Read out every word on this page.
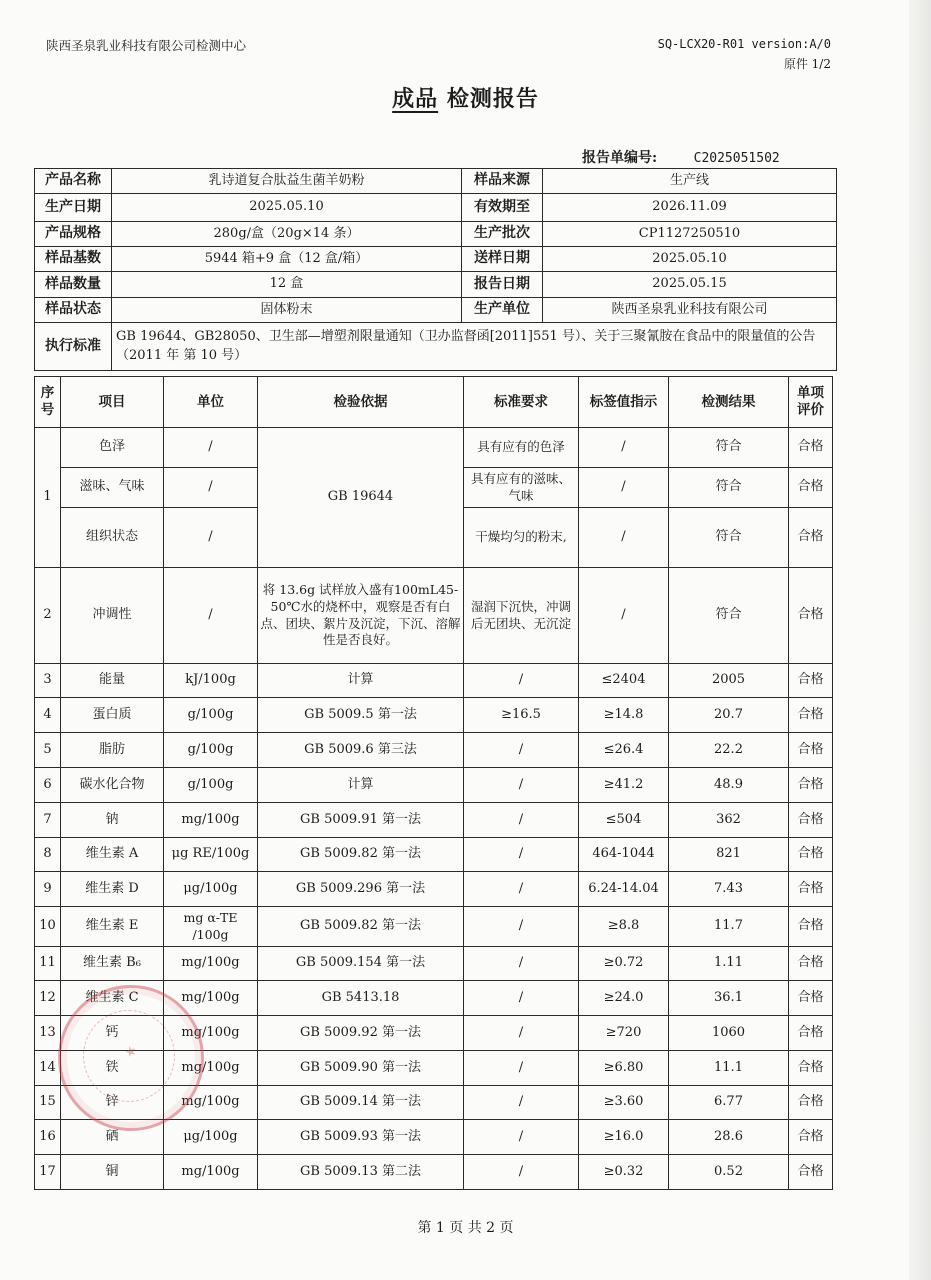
陕西圣泉乳业科技有限公司检测中心	SQ-LCX20-R01 version:A/0
原件 1/2
成品 检测报告
报告单编号:	C2025051502
产品名称	乳诗道复合肽益生菌羊奶粉	样品来源	生产线
生产日期	2025.05.10	有效期至	2026.11.09
产品规格	280g/盒（20g×14 条）	生产批次	CP1127250510
样品基数	5944 箱+9 盒（12 盒/箱）	送样日期	2025.05.10
样品数量	12 盒	报告日期	2025.05.15
样品状态	固体粉末	生产单位	陕西圣泉乳业科技有限公司
执行标准	GB 19644、GB28050、卫生部—增塑剂限量通知（卫办监督函[2011]551 号）、关于三聚氰胺在食品中的限量值的公告（2011 年 第 10 号）		
序号	项目	单位	检验依据	标准要求	标签值指示	检测结果	单项评价
1	色泽	/	GB 19644	具有应有的色泽	/	符合	合格
	滋味、气味	/		具有应有的滋味、气味	/	符合	合格
	组织状态	/		干燥均匀的粉末,	/	符合	合格
2	冲调性	/	将 13.6g 试样放入盛有100mL45-50℃水的烧杯中，观察是否有白点、团块、絮片及沉淀，下沉、溶解性是否良好。	湿润下沉快，冲调后无团块、无沉淀	/	符合	合格
3	能量	kJ/100g	计算	/	≤2404	2005	合格
4	蛋白质	g/100g	GB 5009.5 第一法	≥16.5	≥14.8	20.7	合格
5	脂肪	g/100g	GB 5009.6 第三法	/	≤26.4	22.2	合格
6	碳水化合物	g/100g	计算	/	≥41.2	48.9	合格
7	钠	mg/100g	GB 5009.91 第一法	/	≤504	362	合格
8	维生素 A	μg RE/100g	GB 5009.82 第一法	/	464-1044	821	合格
9	维生素 D	μg/100g	GB 5009.296 第一法	/	6.24-14.04	7.43	合格
10	维生素 E	mg α-TE /100g	GB 5009.82 第一法	/	≥8.8	11.7	合格
11	维生素 B₆	mg/100g	GB 5009.154 第一法	/	≥0.72	1.11	合格
12	维生素 C	mg/100g	GB 5413.18	/	≥24.0	36.1	合格
13	钙	mg/100g	GB 5009.92 第一法	/	≥720	1060	合格
14	铁	mg/100g	GB 5009.90 第一法	/	≥6.80	11.1	合格
15	锌	mg/100g	GB 5009.14 第一法	/	≥3.60	6.77	合格
16	硒	μg/100g	GB 5009.93 第一法	/	≥16.0	28.6	合格
17	铜	mg/100g	GB 5009.13 第二法	/	≥0.32	0.52	合格
★
第 1 页 共 2 页
